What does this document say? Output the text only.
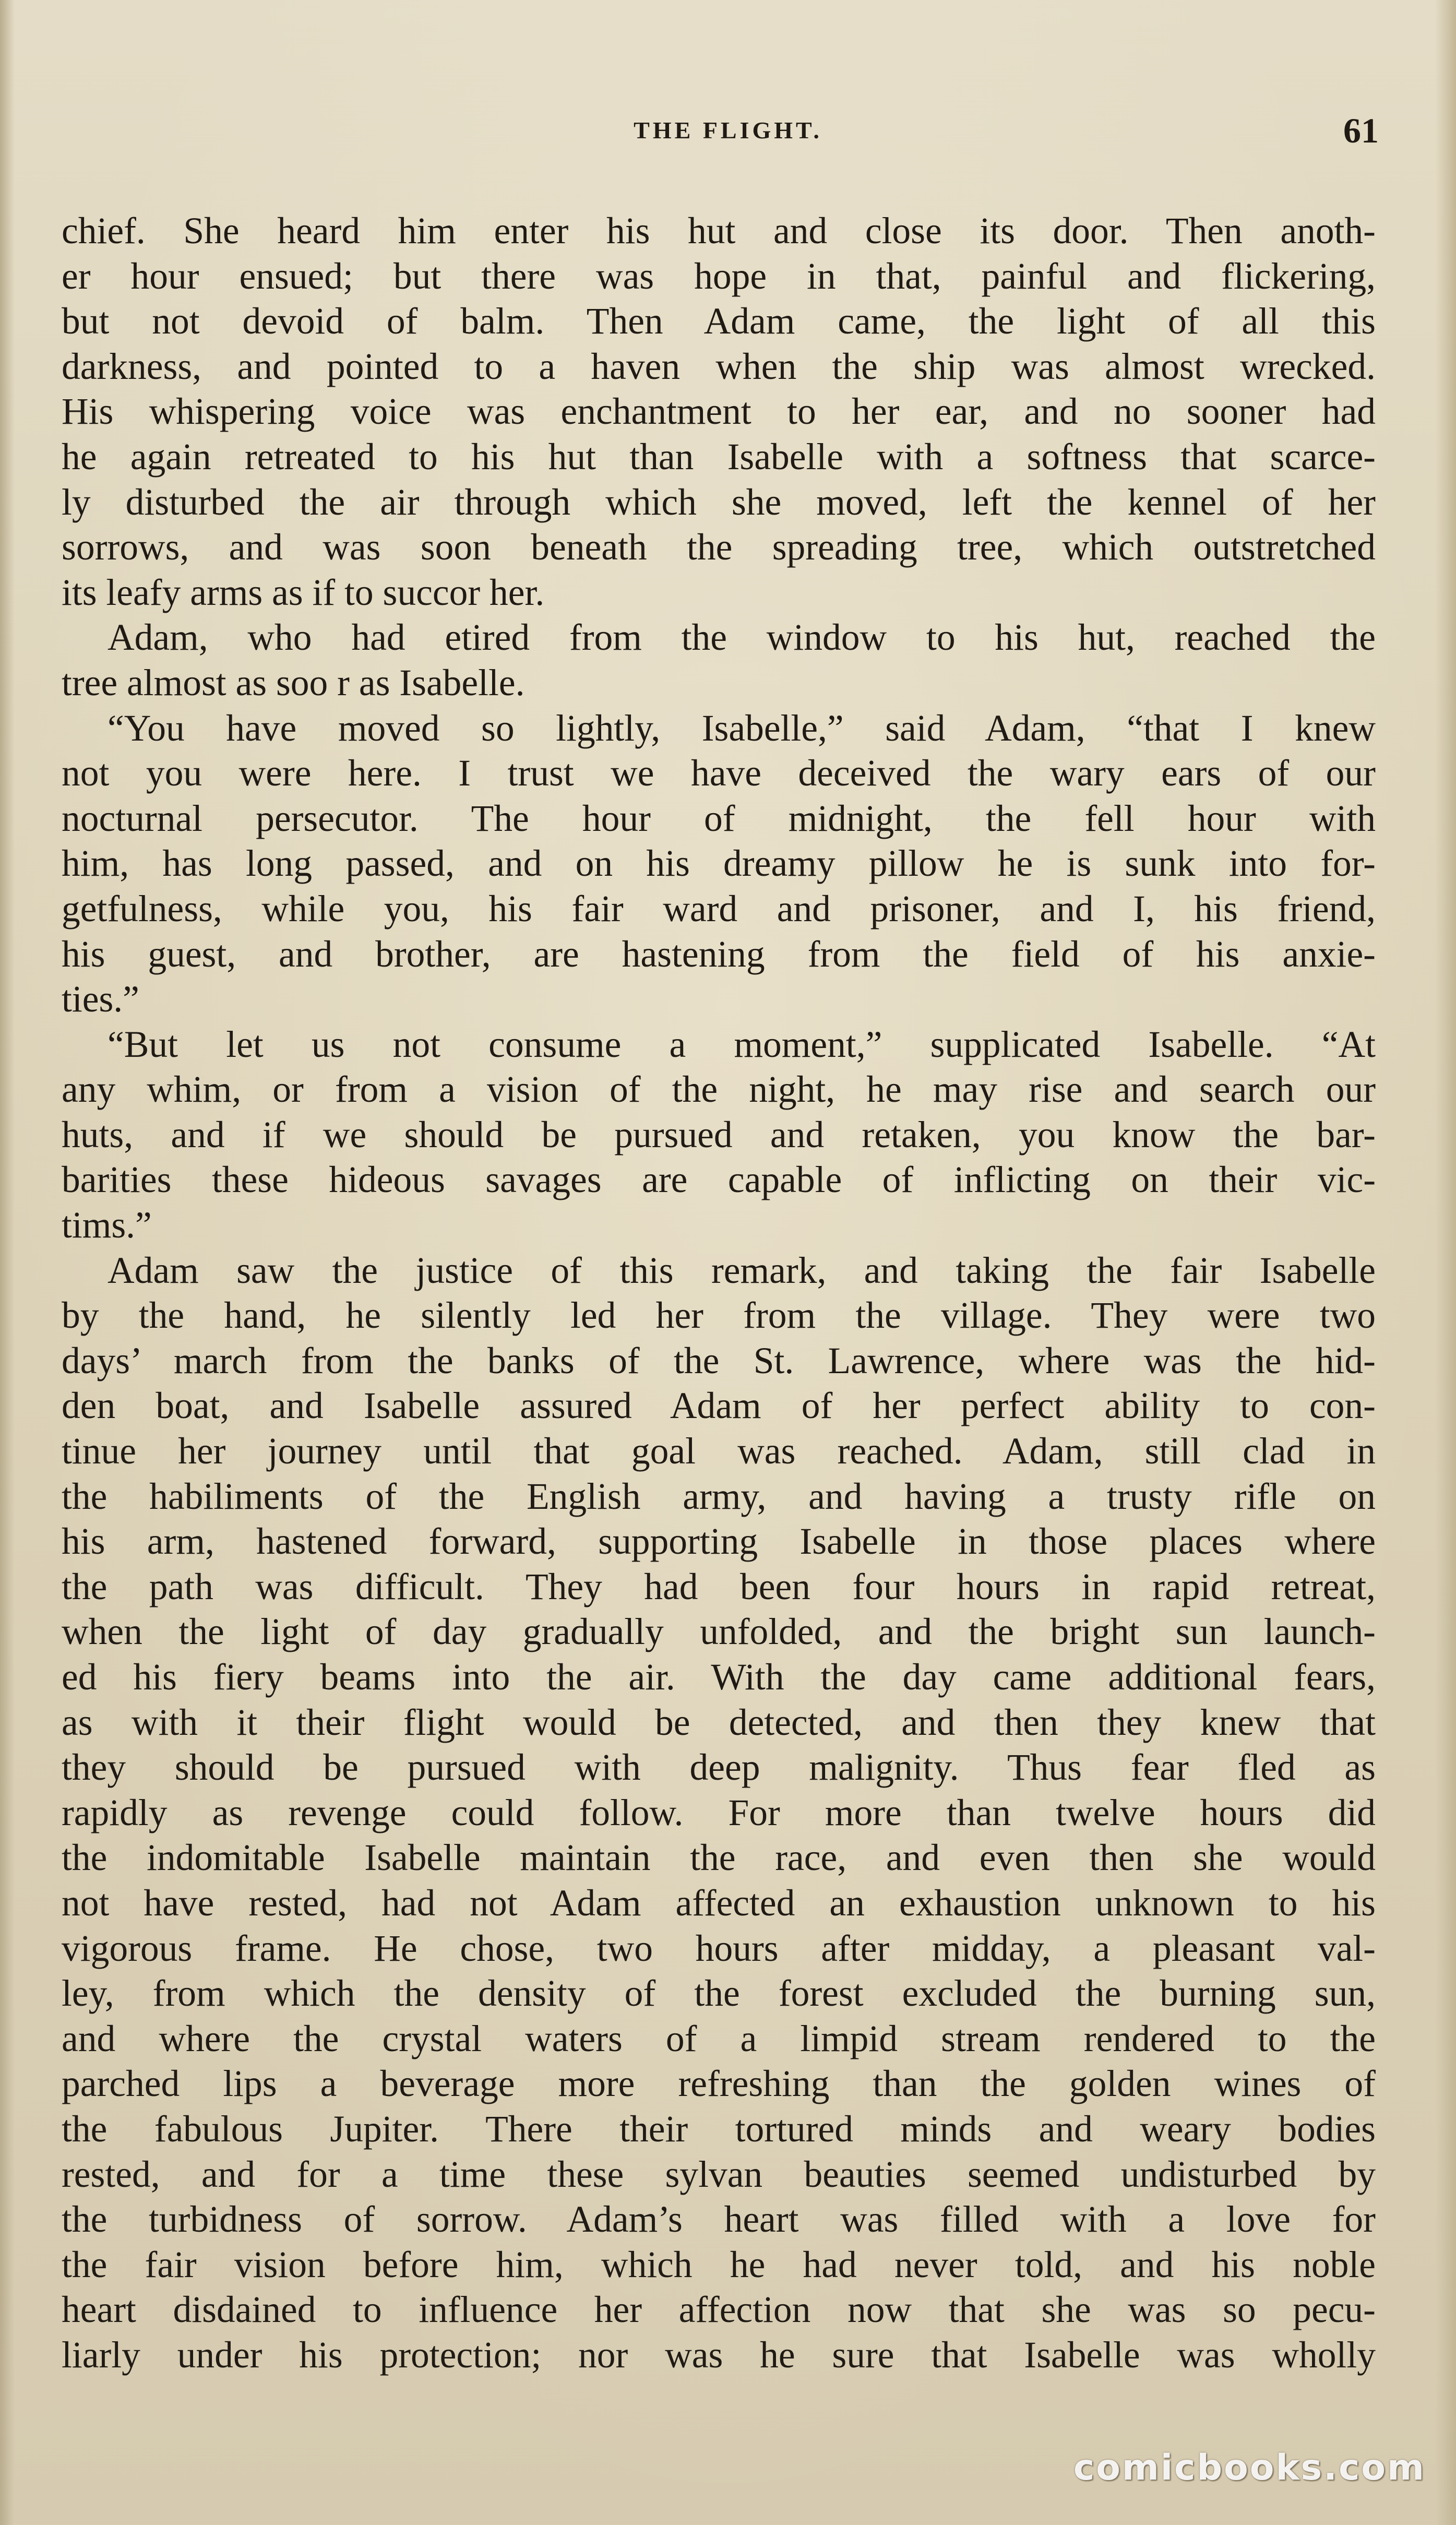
THE FLIGHT.	61
chief. She heard him enter his hut and close its door. Then anoth-
er hour ensued; but there was hope in that, painful and flickering,
but not devoid of balm. Then Adam came, the light of all this
darkness, and pointed to a haven when the ship was almost wrecked.
His whispering voice was enchantment to her ear, and no sooner had
he again retreated to his hut than Isabelle with a softness that scarce-
ly disturbed the air through which she moved, left the kennel of her
sorrows, and was soon beneath the spreading tree, which outstretched
its leafy arms as if to succor her.
Adam, who had etired from the window to his hut, reached the
tree almost as soo r as Isabelle.
“You have moved so lightly, Isabelle,” said Adam, “that I knew
not you were here. I trust we have deceived the wary ears of our
nocturnal persecutor. The hour of midnight, the fell hour with
him, has long passed, and on his dreamy pillow he is sunk into for-
getfulness, while you, his fair ward and prisoner, and I, his friend,
his guest, and brother, are hastening from the field of his anxie-
ties.”
“But let us not consume a moment,” supplicated Isabelle. “At
any whim, or from a vision of the night, he may rise and search our
huts, and if we should be pursued and retaken, you know the bar-
barities these hideous savages are capable of inflicting on their vic-
tims.”
Adam saw the justice of this remark, and taking the fair Isabelle
by the hand, he silently led her from the village. They were two
days’ march from the banks of the St. Lawrence, where was the hid-
den boat, and Isabelle assured Adam of her perfect ability to con-
tinue her journey until that goal was reached. Adam, still clad in
the habiliments of the English army, and having a trusty rifle on
his arm, hastened forward, supporting Isabelle in those places where
the path was difficult. They had been four hours in rapid retreat,
when the light of day gradually unfolded, and the bright sun launch-
ed his fiery beams into the air. With the day came additional fears,
as with it their flight would be detected, and then they knew that
they should be pursued with deep malignity. Thus fear fled as
rapidly as revenge could follow. For more than twelve hours did
the indomitable Isabelle maintain the race, and even then she would
not have rested, had not Adam affected an exhaustion unknown to his
vigorous frame. He chose, two hours after midday, a pleasant val-
ley, from which the density of the forest excluded the burning sun,
and where the crystal waters of a limpid stream rendered to the
parched lips a beverage more refreshing than the golden wines of
the fabulous Jupiter. There their tortured minds and weary bodies
rested, and for a time these sylvan beauties seemed undisturbed by
the turbidness of sorrow. Adam’s heart was filled with a love for
the fair vision before him, which he had never told, and his noble
heart disdained to influence her affection now that she was so pecu-
liarly under his protection; nor was he sure that Isabelle was wholly
comicbooks.com
